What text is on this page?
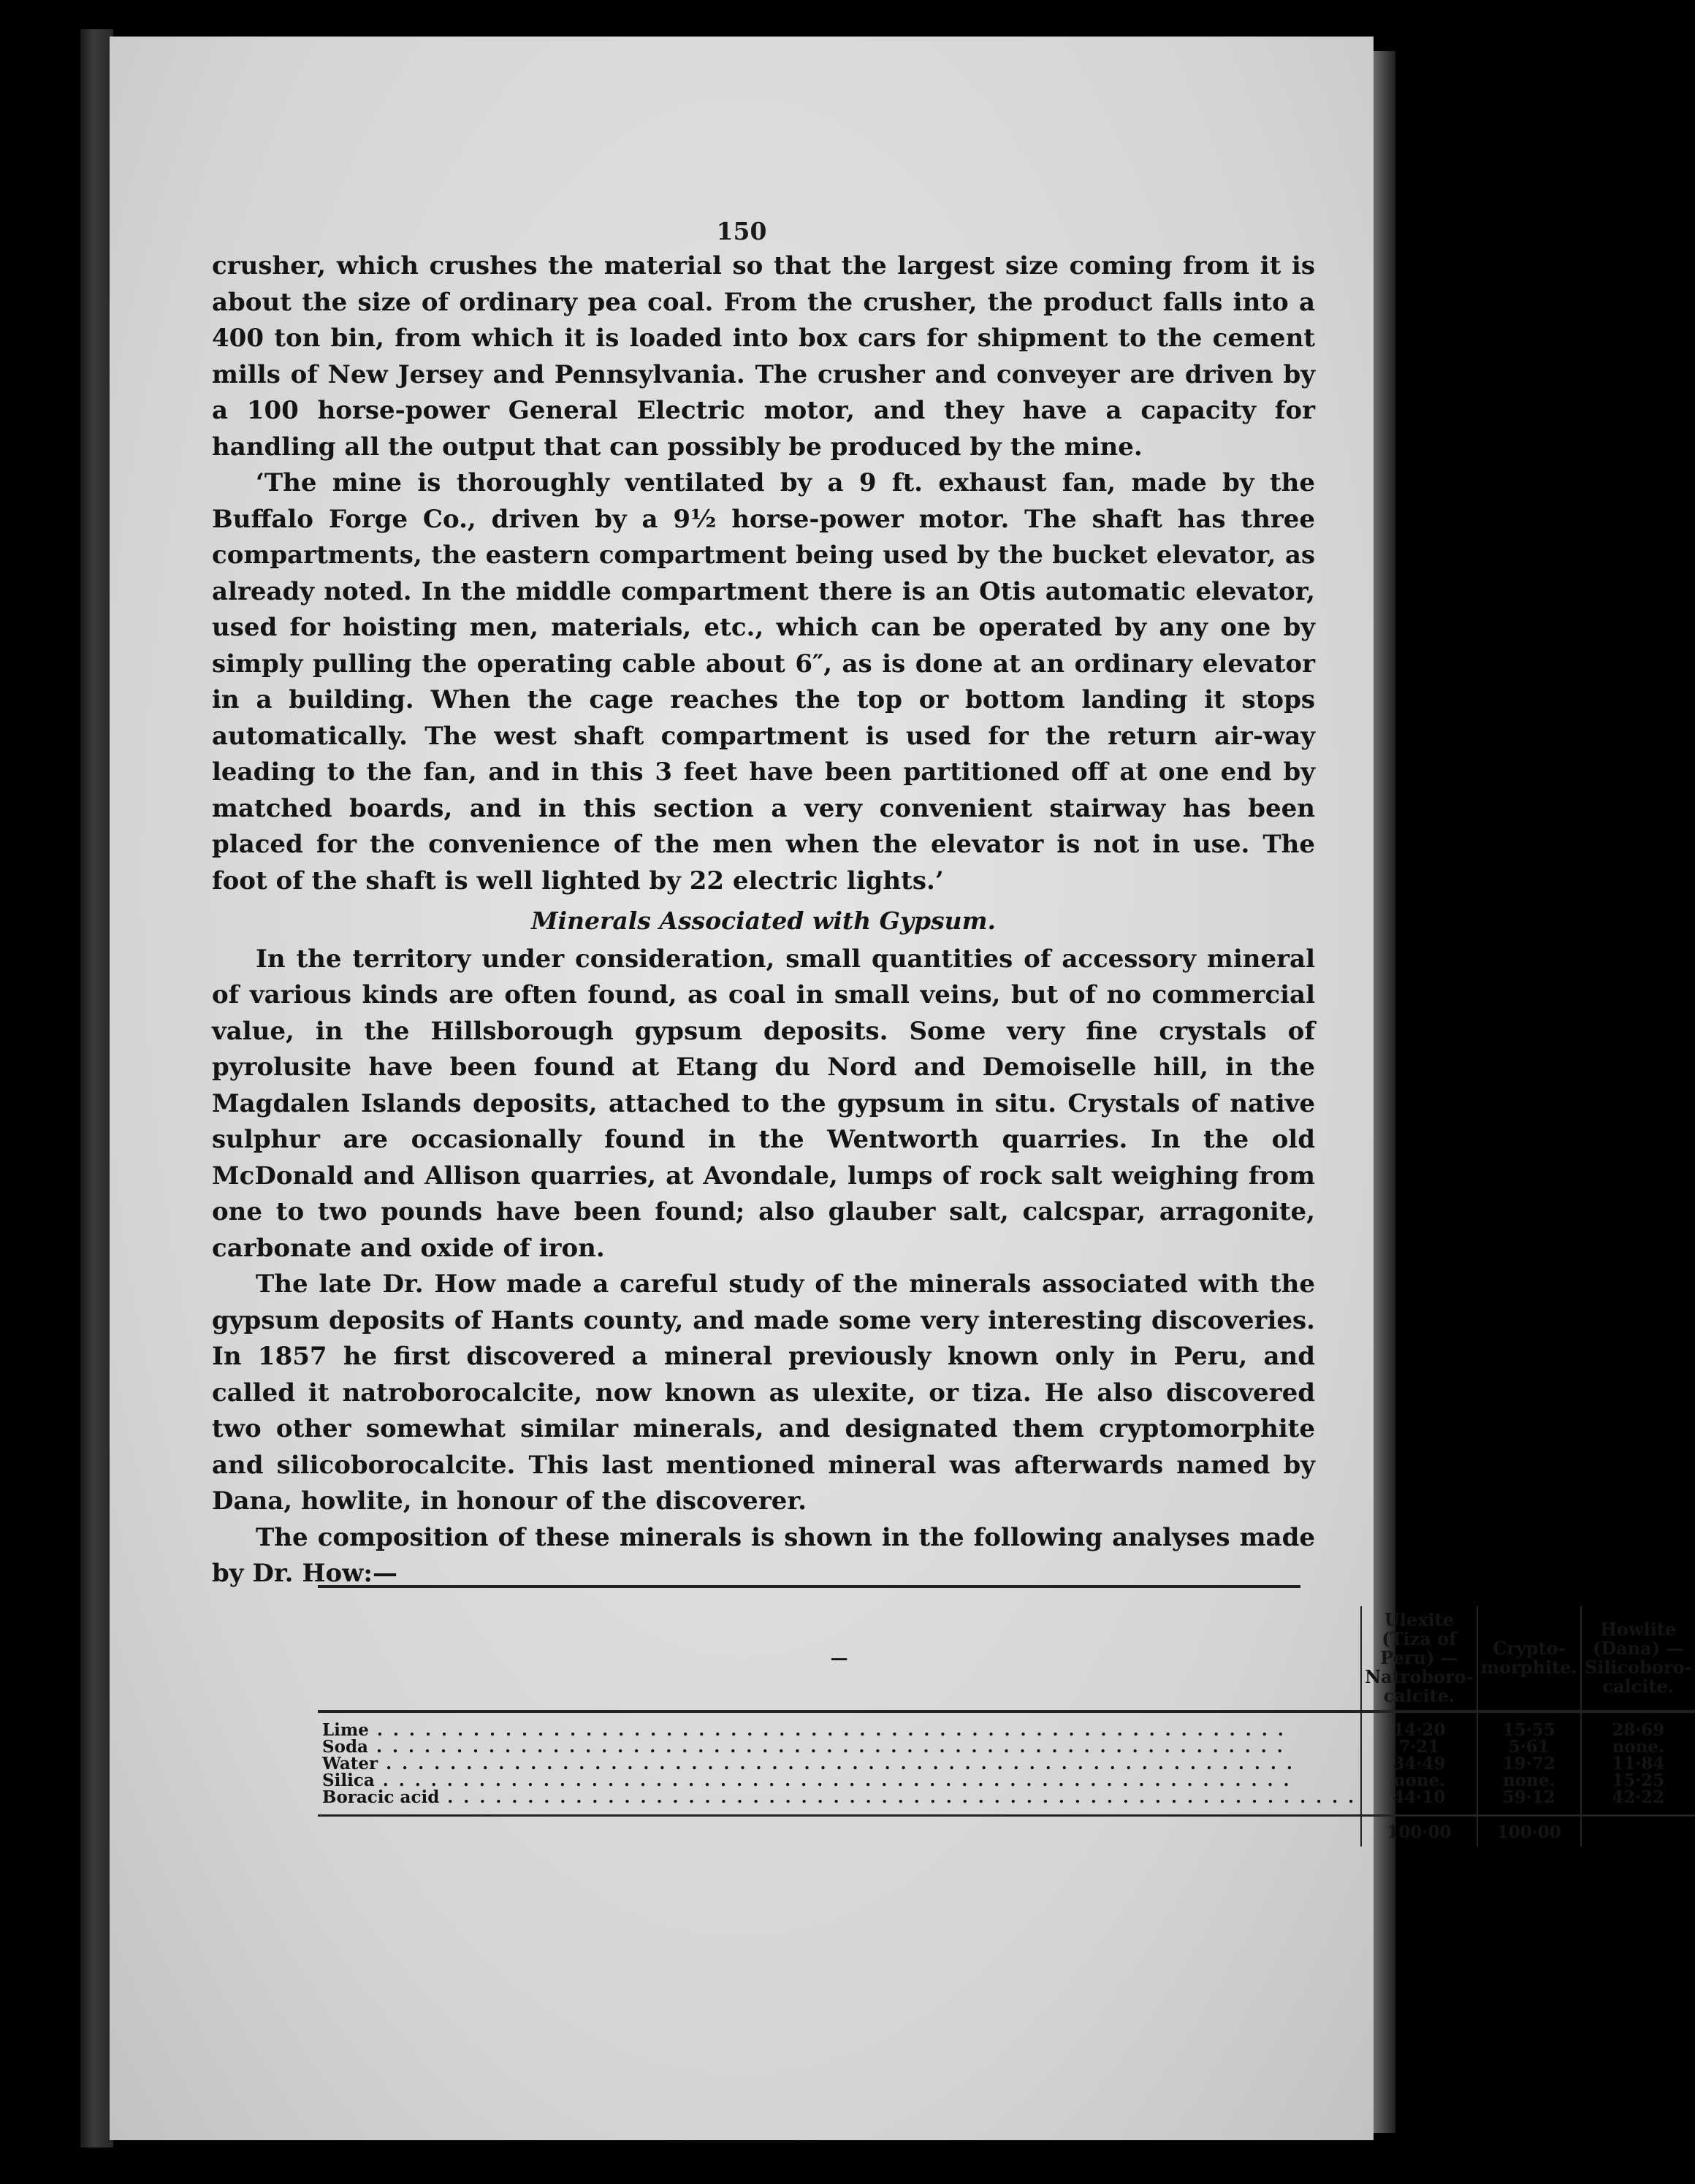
150

crusher, which crushes the material so that the largest size coming from it is about the size of ordinary pea coal. From the crusher, the product falls into a 400 ton bin, from which it is loaded into box cars for shipment to the cement mills of New Jersey and Pennsylvania. The crusher and conveyer are driven by a 100 horse-power General Electric motor, and they have a capacity for handling all the output that can possibly be produced by the mine.

‘The mine is thoroughly ventilated by a 9 ft. exhaust fan, made by the Buffalo Forge Co., driven by a 9½ horse-power motor. The shaft has three compartments, the eastern compartment being used by the bucket elevator, as already noted. In the middle compartment there is an Otis automatic elevator, used for hoisting men, materials, etc., which can be operated by any one by simply pulling the operating cable about 6″, as is done at an ordinary elevator in a building. When the cage reaches the top or bottom landing it stops automatically. The west shaft compartment is used for the return air-way leading to the fan, and in this 3 feet have been partitioned off at one end by matched boards, and in this section a very convenient stairway has been placed for the convenience of the men when the elevator is not in use. The foot of the shaft is well lighted by 22 electric lights.’

Minerals Associated with Gypsum.

In the territory under consideration, small quantities of accessory mineral of various kinds are often found, as coal in small veins, but of no commercial value, in the Hillsborough gypsum deposits. Some very fine crystals of pyrolusite have been found at Etang du Nord and Demoiselle hill, in the Magdalen Islands deposits, attached to the gypsum in situ. Crystals of native sulphur are occasionally found in the Wentworth quarries. In the old McDonald and Allison quarries, at Avondale, lumps of rock salt weighing from one to two pounds have been found; also glauber salt, calcspar, arragonite, carbonate and oxide of iron.

The late Dr. How made a careful study of the minerals associated with the gypsum deposits of Hants county, and made some very interesting discoveries. In 1857 he first discovered a mineral previously known only in Peru, and called it natroborocalcite, now known as ulexite, or tiza. He also discovered two other somewhat similar minerals, and designated them cryptomorphite and silicoborocalcite. This last mentioned mineral was afterwards named by Dana, howlite, in honour of the discoverer.

The composition of these minerals is shown in the following analyses made by Dr. How:—

—	Ulexite (Tiza of Peru) — Natroboro-calcite.	Crypto-morphite.	Howlite (Dana) — Silicoboro-calcite.
Lime . . .	14·20	15·55	28·69
Soda . . .	7·21	5·61	none.
Water . . .	34·49	19·72	11·84
Silica . . .	none.	none.	15·25
Boracic acid . . .	44·10	59·12	42·22
	100·00	100·00	
